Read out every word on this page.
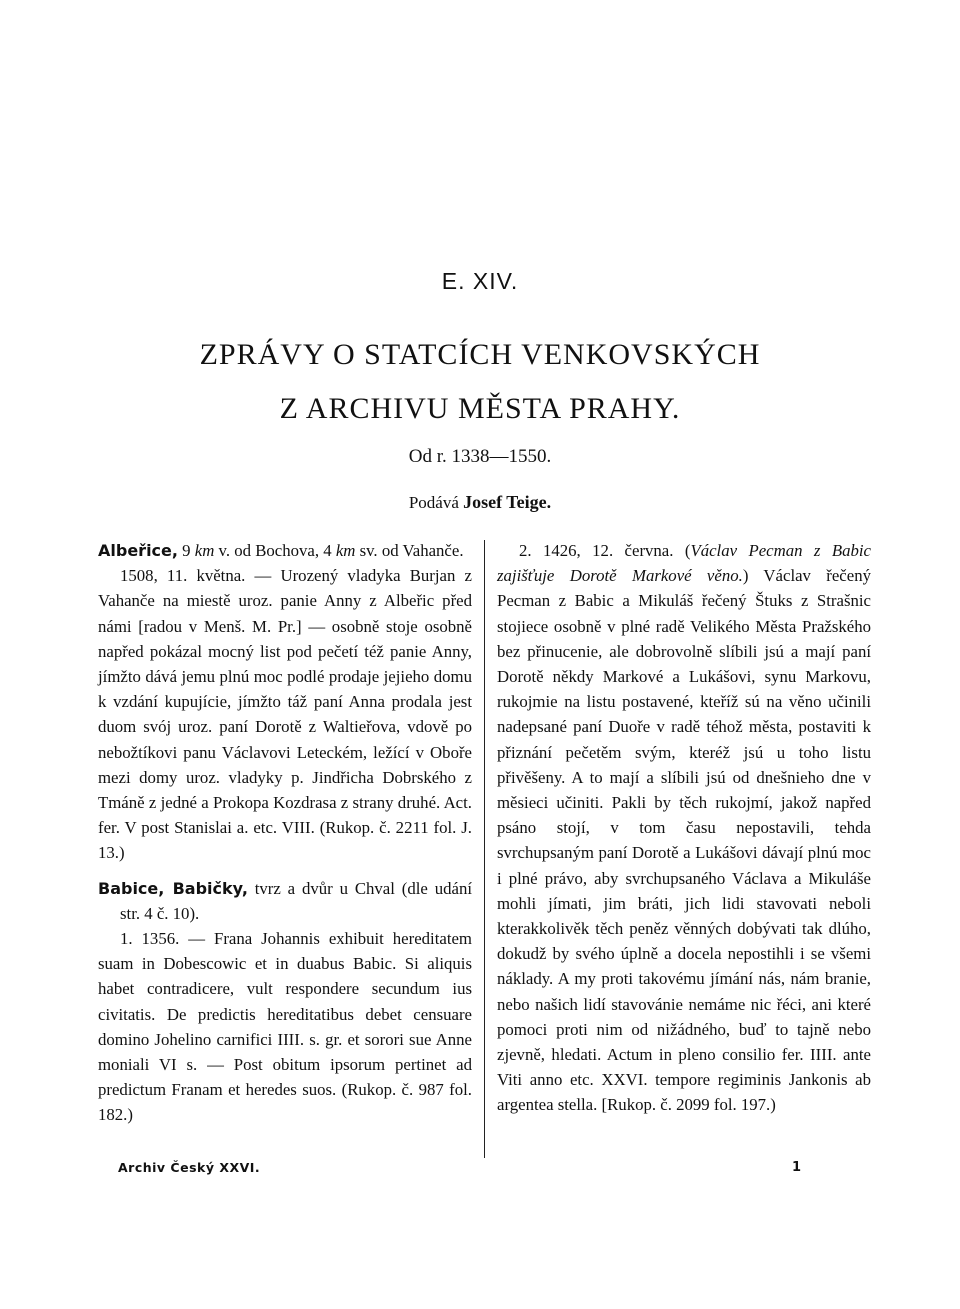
E. XIV.
ZPRÁVY O STATCÍCH VENKOVSKÝCH
Z ARCHIVU MĚSTA PRAHY.
Od r. 1338—1550.
Podává Josef Teige.

Albeřice, 9 km v. od Bochova, 4 km sv. od Vahanče.

1508, 11. května. — Urozený vladyka Burjan z Vahanče na miestě uroz. panie Anny z Albeřic před námi [radou v Menš. M. Pr.] — osobně stoje osobně napřed pokázal mocný list pod pečetí též panie Anny, jímžto dává jemu plnú moc podlé prodaje jejieho domu k vzdání kupujície, jímžto táž paní Anna prodala jest duom svój uroz. paní Dorotě z Waltieřova, vdově po nebožtíkovi panu Václavovi Leteckém, ležící v Oboře mezi domy uroz. vladyky p. Jindřicha Dobrského z Tmáně z jedné a Prokopa Kozdrasa z strany druhé. Act. fer. V post Stanislai a. etc. VIII. (Rukop. č. 2211 fol. J. 13.)

Babice, Babičky, tvrz a dvůr u Chval (dle udání str. 4 č. 10).

1. 1356. — Frana Johannis exhibuit hereditatem suam in Dobescowic et in duabus Babic. Si aliquis habet contradicere, vult respondere secundum ius civitatis. De predictis hereditatibus debet censuare domino Johelino carnifici IIII. s. gr. et sorori sue Anne moniali VI s. — Post obitum ipsorum pertinet ad predictum Franam et heredes suos. (Rukop. č. 987 fol. 182.)

2. 1426, 12. června. (Václav Pecman z Babic zajišťuje Dorotě Markové věno.) Václav řečený Pecman z Babic a Mikuláš řečený Štuks z Strašnic stojiece osobně v plné radě Velikého Města Pražského bez přinucenie, ale dobrovolně slíbili jsú a mají paní Dorotě někdy Markové a Lukášovi, synu Markovu, rukojmie na listu postavené, kteříž sú na věno učinili nadepsané paní Duoře v radě téhož města, postaviti k přiznání pečetěm svým, kteréž jsú u toho listu přivěšeny. A to mají a slíbili jsú od dnešnieho dne v měsieci učiniti. Pakli by těch rukojmí, jakož napřed psáno stojí, v tom času nepostavili, tehda svrchupsaným paní Dorotě a Lukášovi dávají plnú moc i plné právo, aby svrchupsaného Václava a Mikuláše mohli jímati, jim bráti, jich lidi stavovati neboli kterakkolivěk těch peněz věnných dobývati tak dlúho, dokudž by svého úplně a docela nepostihli i se všemi náklady. A my proti takovému jímání nás, nám branie, nebo našich lidí stavovánie nemáme nic řéci, ani které pomoci proti nim od nižádného, buď to tajně nebo zjevně, hledati. Actum in pleno consilio fer. IIII. ante Viti anno etc. XXVI. tempore regiminis Jankonis ab argentea stella. [Rukop. č. 2099 fol. 197.)

Archiv Český XXVI.	1
